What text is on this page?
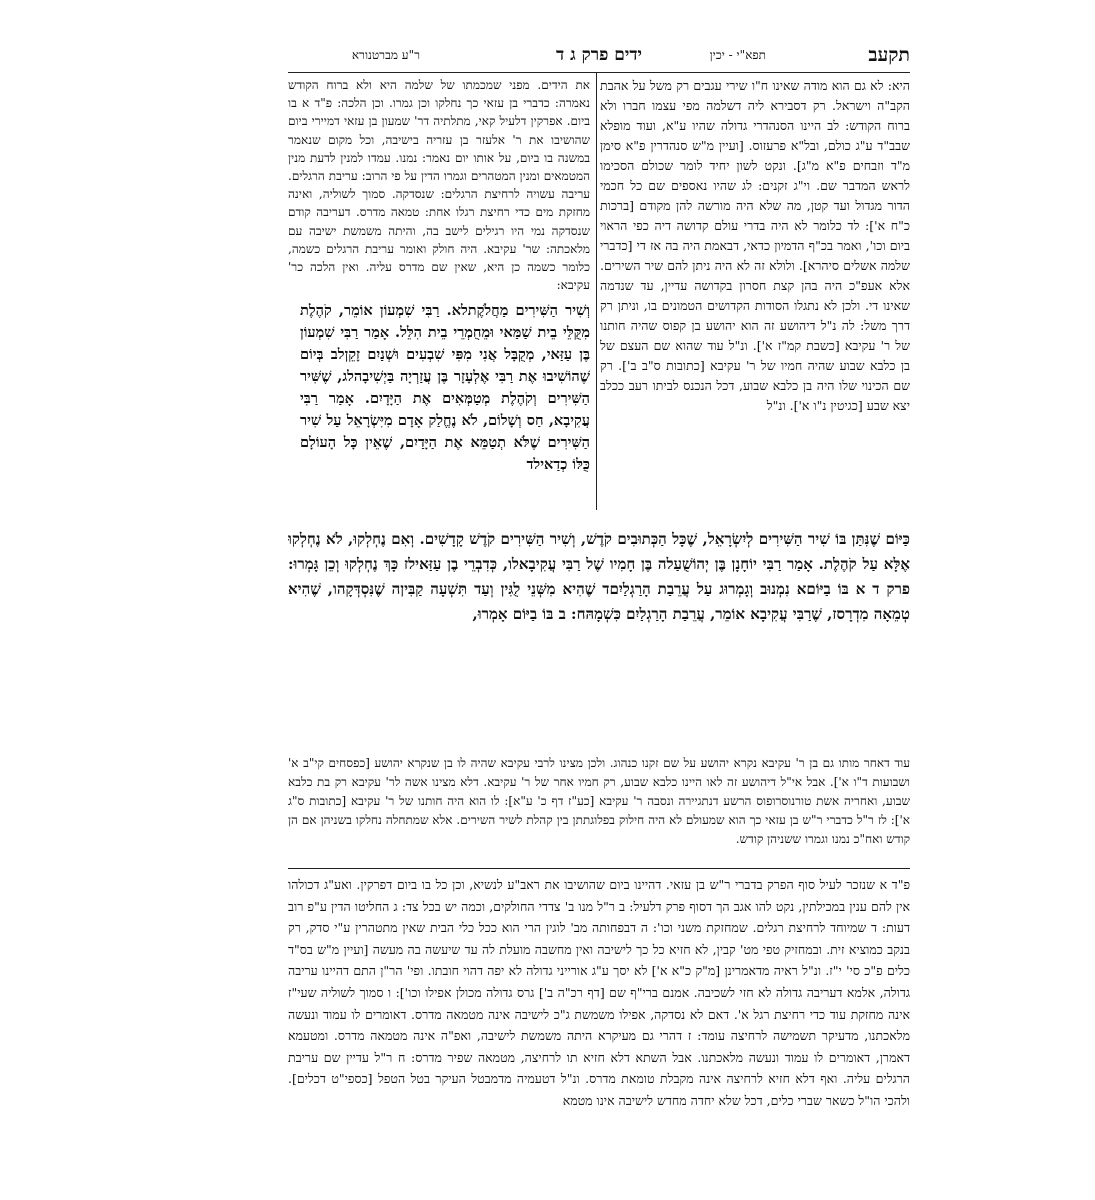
תקעב
תפא"י - יכין
ידים פרק ג ד
ר"ע מברטנורא

היא: לא גם הוא מודה שאינו ח"ו שירי עגבים רק משל על אהבת הקב"ה וישראל. רק דסבירא ליה דשלמה מפי עצמו חברו ולא ברוח הקודש: לב היינו הסנהדרי גדולה שהיו ע"א, ועוד מופלא שבב"ד ע"ג כולם, ובל"א פרעזוס. [ועיין מ"ש סנהדרין פ"א סימן מ"ד וזבחים פ"א מ"ג]. ונקט לשון יחיד לומר שכולם הסכימו לראש המדבר שם. וי"ג זקנים: לג שהיו נאספים שם כל חכמי הדור מגדול ועד קטן, מה שלא היה מורשה להן מקודם [ברכות כ"ח א']: לד כלומר לא היה בדרי עולם קדושה דיה כפי הראוי ביום וכו', ואמר בכ"ף הדמיון כדאי, דבאמת היה בה אז די [כדברי שלמה אשלים סיהרא]. ולולא זה לא היה ניתן להם שיר השירים. אלא אעפ"כ היה בהן קצת חסרון בקדושה עדיין, עד שנדמה שאינו די. ולכן לא נתגלו הסודות הקדושים הטמונים בו, וניתן רק דרך משל: לה נ"ל דיהושע זה הוא יהושע בן קפוס שהיה חותנו של ר' עקיבא [כשבת קמ"ז א']. ונ"ל עוד שהוא שם העצם של בן כלבא שבוע שהיה חמיו של ר' עקיבא [כתובות ס"ב ב']. רק שם הכינוי שלו היה בן כלבא שבוע, דכל הנכנס לביתו רעב ככלב יצא שבע [כגיטין נ"ו א']. ונ"ל

את הידים. מפני שמכמתו של שלמה היא ולא ברוח הקודש נאמרה: כדברי בן עזאי כך נחלקו וכן גמרו. וכן הלכה: פ"ד א בו ביום. אפרקין דלעיל קאי, מתלתיה דר' שמעון בן עזאי דמיירי ביום שהושיבו את ר' אלעזר בן עזריה בישיבה, וכל מקום שנאמר במשנה בו ביום, על אותו יום נאמר: נמנו. עמדו למנין לדעת מנין המטמאים ומנין המטהרים וגמרו הדין על פי הרוב: עריבת הרגלים. עריבה עשויה לרחיצת הרגלים: שנסדקה. סמוך לשוליה, ואינה מחזקת מים כדי רחיצת רגלו אחת: טמאה מדרס. דעריבה קודם שנסדקה נמי היו רגילים לישב בה, והיתה משמשת ישיבה עם מלאכתה: שר' עקיבא. היה חולק ואומר עריבת הרגלים כשמה, כלומר כשמה כן היא, שאין שם מדרס עליה. ואין הלכה כר' עקיבא:

כַּיּוֹם שֶׁנִּתַּן בּוֹ שִׁיר הַשִּׁירִים לְיִשְׂרָאֵל, שֶׁכָּל הַכְּתוּבִים קֹדֶשׁ, וְשִׁיר הַשִּׁירִים קֹדֶשׁ קָדָשִׁים. וְאִם נֶחְלְקוּ, לֹא נֶחְלְקוּ אֶלָּא עַל קֹהֶלֶת. אָמַר רַבִּי יוֹחָנָן בֶּן יְהוֹשֻׁעַלה בֶּן חָמִיו שֶׁל רַבִּי עֲקִיבָאלו, כְּדִבְרֵי בֶן עַזַּאילז כָּךְ נֶחְלְקוּ וְכֵן גָּמְרוּ: פרק ד א בּוֹ בַיּוֹםא נִמְנוּב וְגָמְרוּג עַל עֲרֵבַת הָרַגְלַיִםד שֶׁהִיא מִשְּׁנֵי לֻגִּין וְעַד תִּשְׁעָה קַבִּיןה שֶׁנִּסְדְּקָהו, שֶׁהִיא טְמֵאָה מִדְרָסז, שֶׁרַבִּי עֲקִיבָא אוֹמֵר, עֲרֵבַת הָרַגְלַיִם כִּשְׁמָהּח: ב בּוֹ בַיּוֹם אָמְרוּ,

עוד דאחר מותו גם בן ר' עקיבא נקרא יהושע על שם זקנו כנהוג. ולכן מצינו לרבי עקיבא שהיה לו בן שנקרא יהושע [כפסחים קי"ב א' ושבועות ד"ו א']. אבל אי"ל דיהושע זה לאו היינו כלבא שבוע, רק חמיו אחר של ר' עקיבא. דלא מצינו אשה לר' עקיבא רק בת כלבא שבוע, ואחריה אשת טורנוסרופוס הרשע דנתגיירה ונסבה ר' עקיבא [כע"ז דף כ' ע"א]: לו הוא היה חותנו של ר' עקיבא [כתובות ס"ג א']: לז ר"ל כדברי ר"ש בן עזאי כך הוא שמעולם לא היה חילוק בפלוגתתן בין קהלת לשיר השירים. אלא שמתחלה נחלקו בשניהן אם הן קודש ואח"כ נמנו וגמרו ששניהן קודש.

פ"ד א שנזכר לעיל סוף הפרק בדברי ר"ש בן עזאי. דהיינו ביום שהושיבו את ראב"ע לנשיא, וכן כל בו ביום דפרקין. ואע"ג דכולהו אין להם ענין במכילתין, נקט להו אגב הך דסוף פרק דלעיל: ב ר"ל מנו ב' צדדי החולקים, וכמה יש בכל צד: ג החליטו הדין ע"פ רוב דעות: ד שמיוחד לרחיצת רגלים. שמחזקת משני וכו': ה דבפחותה מב' לוגין הרי הוא ככל כלי הבית שאין מתטהרין ע"י סדק, רק בנקב כמוציא זית. ובמחזיק טפי מט' קבין, לא חזיא כל כך לישיבה ואין מחשבה מועלת לה עד שיעשה בה מעשה [ועיין מ"ש בס"ד כלים פ"כ סי' י"ז. ונ"ל ראיה מדאמרינן [מ"ק כ"א א'] לא יסך ע"ג אורייני גדולה לא יפה דהוי חובתו. ופי' הר"ן התם דהיינו עריבה גדולה, אלמא דעריבה גדולה לא חזי לשכיבה. אמנם ברי"ף שם [דף רכ"ה ב'] גרס גדולה מכולן אפילו וכו']: ו סמוך לשוליה שעי"ז אינה מחזקת עוד כדי רחיצת רגל א'. דאם לא נסדקה, אפילו משמשת ג"כ לישיבה אינה מטמאה מדרס. דאומרים לו עמוד ונעשה מלאכתנו, מדעיקר תשמישה לרחיצה עומד: ז דהרי גם מעיקרא היתה משמשת לישיבה, ואפ"ה אינה מטמאה מדרס. ומטעמא דאמרן, דאומרים לו עמוד ונעשה מלאכתנו. אבל השתא דלא חזיא תו לרחיצה, מטמאה שפיר מדרס: ח ר"ל עדיין שם עריבת הרגלים עליה. ואף דלא חזיא לרחיצה אינה מקבלת טומאת מדרס. ונ"ל דטעמיה מדמבטל העיקר בטל הטפל [כספי"ט דכלים]. ולהכי הו"ל כשאר שברי כלים, דכל שלא יחדה מחדש לישיבה אינו מטמא

וְשִׁיר הַשִּׁירִים מַחֲלֹקֶתלא. רַבִּי שִׁמְעוֹן אוֹמֵר, קֹהֶלֶת מִקֻּלֵּי בֵית שַׁמַּאי וּמֵחֻמְרֵי בֵית הִלֵּל. אָמַר רַבִּי שִׁמְעוֹן בֶּן עַזַּאי, מְקֻבָּל אֲנִי מִפִּי שִׁבְעִים וּשְׁנַיִם זָקֵןלב בְּיוֹם שֶׁהוֹשִׁיבוּ אֶת רַבִּי אֶלְעָזָר בֶּן עֲזַרְיָה בַּיְשִׁיבָהלג, שֶׁשִּׁיר הַשִּׁירִים וְקֹהֶלֶת מְטַמְּאִים אֶת הַיָּדָיִם. אָמַר רַבִּי עֲקִיבָא, חַס וְשָׁלוֹם, לֹא נֶחֱלַק אָדָם מִיִּשְׂרָאֵל עַל שִׁיר הַשִּׁירִים שֶׁלֹּא תְטַמֵּא אֶת הַיָּדַיִם, שֶׁאֵין כָּל הָעוֹלָם כֻּלּוֹ כְדַאילד
